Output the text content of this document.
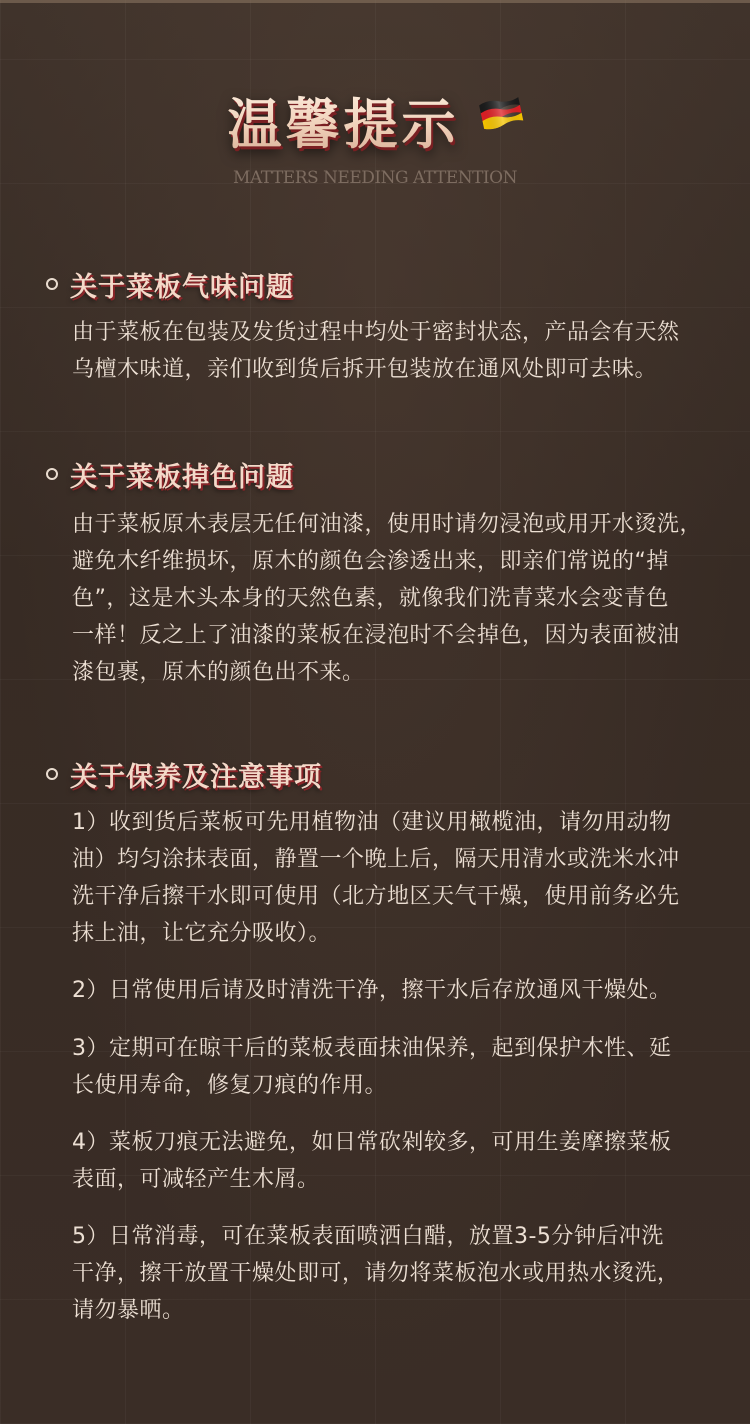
温馨提示
MATTERS NEEDING ATTENTION
关于菜板气味问题

由于菜板在包装及发货过程中均处于密封状态，产品会有天然
乌檀木味道，亲们收到货后拆开包装放在通风处即可去味。

关于菜板掉色问题

由于菜板原木表层无任何油漆，使用时请勿浸泡或用开水烫洗，
避免木纤维损坏，原木的颜色会渗透出来，即亲们常说的“掉
色”，这是木头本身的天然色素，就像我们洗青菜水会变青色
一样！反之上了油漆的菜板在浸泡时不会掉色，因为表面被油
漆包裹，原木的颜色出不来。

关于保养及注意事项

1）收到货后菜板可先用植物油（建议用橄榄油，请勿用动物
油）均匀涂抹表面，静置一个晚上后，隔天用清水或洗米水冲
洗干净后擦干水即可使用（北方地区天气干燥，使用前务必先
抹上油，让它充分吸收）。

2）日常使用后请及时清洗干净，擦干水后存放通风干燥处。

3）定期可在晾干后的菜板表面抹油保养，起到保护木性、延
长使用寿命，修复刀痕的作用。

4）菜板刀痕无法避免，如日常砍剁较多，可用生姜摩擦菜板
表面，可减轻产生木屑。

5）日常消毒，可在菜板表面喷洒白醋，放置3-5分钟后冲洗
干净，擦干放置干燥处即可，请勿将菜板泡水或用热水烫洗，
请勿暴晒。
